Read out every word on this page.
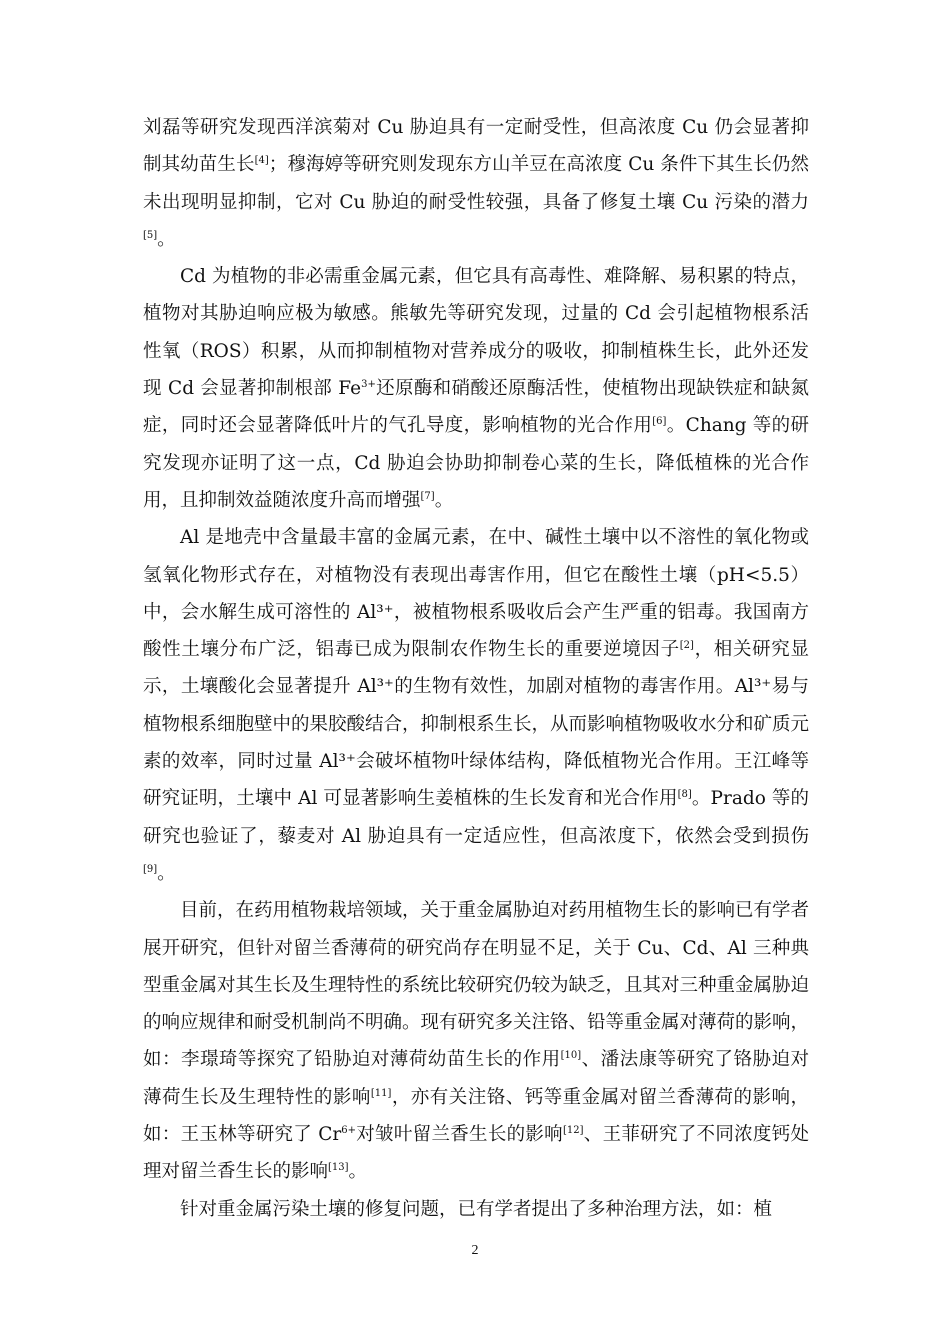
刘磊等研究发现西洋滨菊对 Cu 胁迫具有一定耐受性，但高浓度 Cu 仍会显著抑制其幼苗生长[4]；穆海婷等研究则发现东方山羊豆在高浓度 Cu 条件下其生长仍然未出现明显抑制，它对 Cu 胁迫的耐受性较强，具备了修复土壤 Cu 污染的潜力[5]。

Cd 为植物的非必需重金属元素，但它具有高毒性、难降解、易积累的特点，植物对其胁迫响应极为敏感。熊敏先等研究发现，过量的 Cd 会引起植物根系活性氧（ROS）积累，从而抑制植物对营养成分的吸收，抑制植株生长，此外还发现 Cd 会显著抑制根部 $Fe^{3+}$还原酶和硝酸还原酶活性，使植物出现缺铁症和缺氮症，同时还会显著降低叶片的气孔导度，影响植物的光合作用[6]。Chang 等的研究发现亦证明了这一点，Cd 胁迫会协助抑制卷心菜的生长，降低植株的光合作用，且抑制效益随浓度升高而增强[7]。

Al 是地壳中含量最丰富的金属元素，在中、碱性土壤中以不溶性的氧化物或氢氧化物形式存在，对植物没有表现出毒害作用，但它在酸性土壤（pH<5.5）中，会水解生成可溶性的 Al³⁺，被植物根系吸收后会产生严重的铝毒。我国南方酸性土壤分布广泛，铝毒已成为限制农作物生长的重要逆境因子[2]，相关研究显示，土壤酸化会显著提升 Al³⁺的生物有效性，加剧对植物的毒害作用。Al³⁺易与植物根系细胞壁中的果胶酸结合，抑制根系生长，从而影响植物吸收水分和矿质元素的效率，同时过量 Al³⁺会破坏植物叶绿体结构，降低植物光合作用。王江峰等研究证明，土壤中 Al 可显著影响生姜植株的生长发育和光合作用[8]。Prado 等的研究也验证了，藜麦对 Al 胁迫具有一定适应性，但高浓度下，依然会受到损伤[9]。

目前，在药用植物栽培领域，关于重金属胁迫对药用植物生长的影响已有学者展开研究，但针对留兰香薄荷的研究尚存在明显不足，关于 Cu、Cd、Al 三种典型重金属对其生长及生理特性的系统比较研究仍较为缺乏，且其对三种重金属胁迫的响应规律和耐受机制尚不明确。现有研究多关注铬、铅等重金属对薄荷的影响，如：李璟琦等探究了铅胁迫对薄荷幼苗生长的作用[10]、潘法康等研究了铬胁迫对薄荷生长及生理特性的影响[11]，亦有关注铬、钙等重金属对留兰香薄荷的影响，如：王玉林等研究了 $Cr^{6+}$对皱叶留兰香生长的影响[12]、王菲研究了不同浓度钙处理对留兰香生长的影响[13]。

针对重金属污染土壤的修复问题，已有学者提出了多种治理方法，如：植

2
